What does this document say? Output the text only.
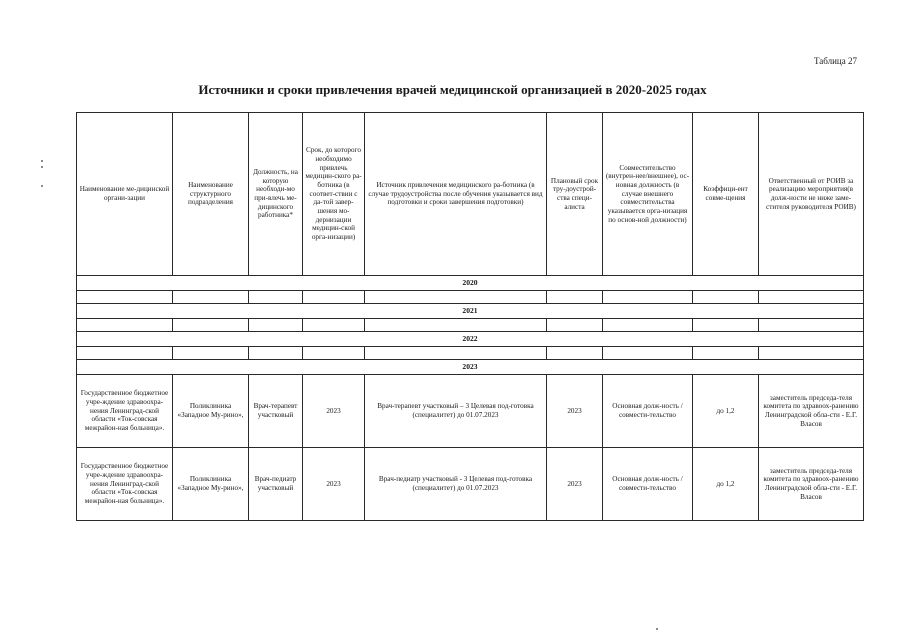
Таблица 27
Источники и сроки привлечения врачей медицинской организацией в 2020-2025 годах
Наименование ме-дицинской органи-зации	Наименование структурного подразделения	Должность, на которую необходи-мо при-влечь ме-дицинского работника*	Срок, до которого необходимо привлечь медицин-ского ра-ботника (в соответ-ствии с да-той завер-шения мо-дернизации медицин-ской орга-низации)	Источник привлечения медицинского ра-ботника (в случае трудоустройства после обучения указывается вид подготовки и сроки завершения подготовки)	Плановый срок тру-доустрой-ства специ-алиста	Совместительство (внутрен-нее/внешнее), ос-новная должность (в случае внешнего совместительства указывается орга-низация по основ-ной должности)	Коэффици-ент совме-щения	Ответственный от РОИВ за реализацию мероприятия(в долж-ности не ниже заме-стителя руководителя РОИВ)
2020								

2021								

2022								

2023								
Государственное бюджетное учре-ждение здравоохра-нения Ленинград-ской области «Ток-совская межрайон-ная больница».	Поликлиника «Западное Му-рино»,	Врач-терапевт участковый	2023	Врач-терапевт участковый – 3 Целевая под-готовка (специалитет) до 01.07.2023	2023	Основная долж-ность / совмести-тельство	до 1,2	заместитель председа-теля комитета по здравоох-ранению Ленинградской обла-сти - Е.Г. Власов
Государственное бюджетное учре-ждение здравоохра-нения Ленинград-ской области «Ток-совская межрайон-ная больница».	Поликлиника «Западное Му-рино»,	Врач-педиатр участковый	2023	Врач-педиатр участковый - 3 Целевая под-готовка (специалитет) до 01.07.2023	2023	Основная долж-ность / совмести-тельство	до 1,2	заместитель председа-теля комитета по здравоох-ранению Ленинградской обла-сти - Е.Г. Власов
